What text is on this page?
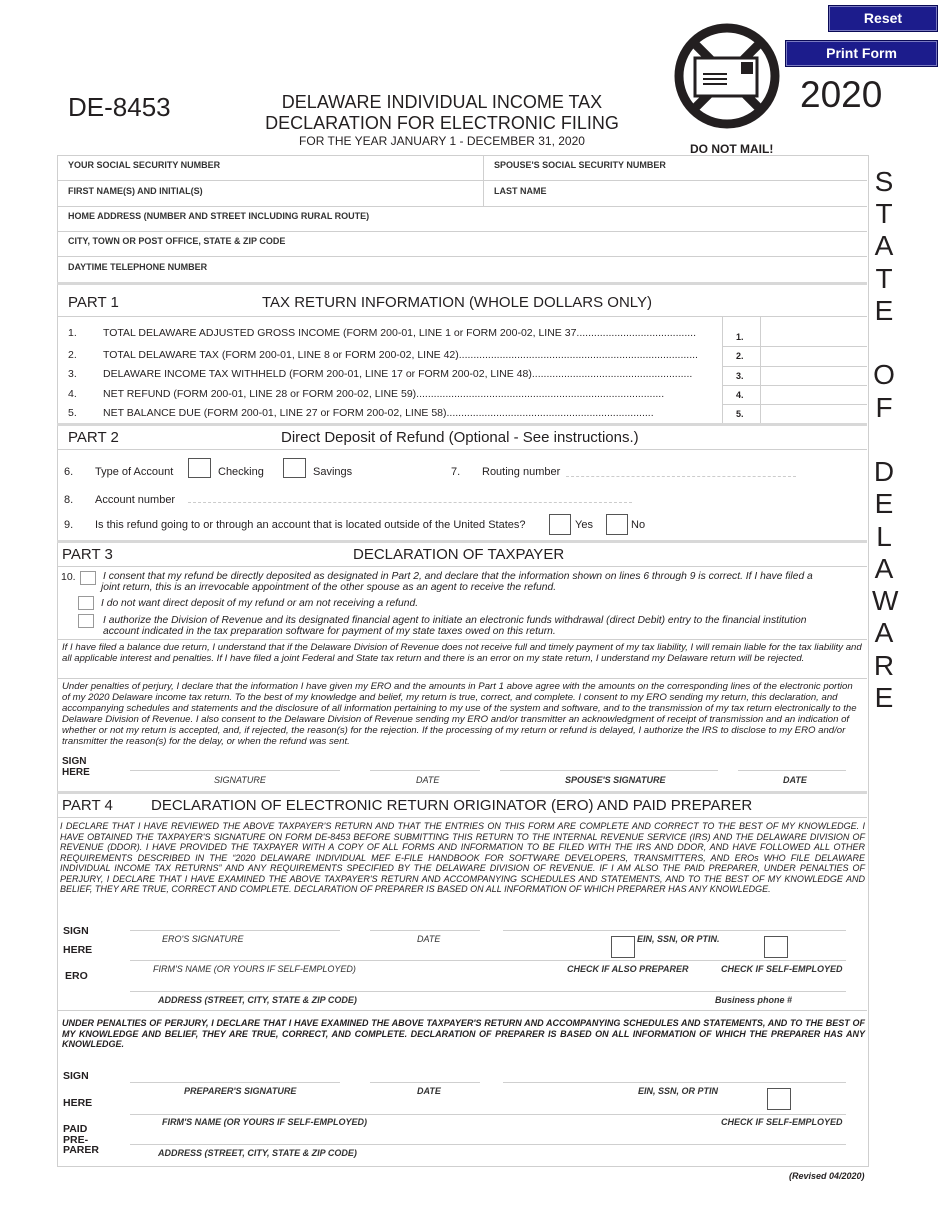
Reset
Print Form
DE-8453	DELAWARE INDIVIDUAL INCOME TAX
DECLARATION FOR ELECTRONIC FILING
FOR THE YEAR JANUARY 1 - DECEMBER 31, 2020
DO NOT MAIL!
2020
S
T
A
T
E
O
F
D
E
L
A
W
A
R
E
YOUR SOCIAL SECURITY NUMBER	SPOUSE'S SOCIAL SECURITY NUMBER
FIRST NAME(S) AND INITIAL(S)	LAST NAME
HOME ADDRESS (NUMBER AND STREET INCLUDING RURAL ROUTE)
CITY, TOWN OR POST OFFICE, STATE & ZIP CODE
DAYTIME TELEPHONE NUMBER
PART 1	TAX RETURN INFORMATION (WHOLE DOLLARS ONLY)
1. TOTAL DELAWARE ADJUSTED GROSS INCOME (FORM 200-01, LINE 1 or FORM 200-02, LINE 37.........................................	1.
2. TOTAL DELAWARE TAX (FORM 200-01, LINE 8 or FORM 200-02, LINE 42)..................................................................................	2.
3. DELAWARE INCOME TAX WITHHELD (FORM 200-01, LINE 17 or FORM 200-02, LINE 48).......................................................	3.
4. NET REFUND (FORM 200-01, LINE 28 or FORM 200-02, LINE 59).....................................................................................	4.
5. NET BALANCE DUE (FORM 200-01, LINE 27 or FORM 200-02, LINE 58).......................................................................	5.
PART 2	Direct Deposit of Refund (Optional - See instructions.)
6. Type of Account	Checking	Savings	7. Routing number
8. Account number
9. Is this refund going to or through an account that is located outside of the United States?	Yes	No
PART 3	DECLARATION OF TAXPAYER
10.	I consent that my refund be directly deposited as designated in Part 2, and declare that the information shown on lines 6 through 9 is correct. If I have filed a
joint return, this is an irrevocable appointment of the other spouse as an agent to receive the refund.
I do not want direct deposit of my refund or am not receiving a refund.
I authorize the Division of Revenue and its designated financial agent to initiate an electronic funds withdrawal (direct Debit) entry to the financial institution
account indicated in the tax preparation software for payment of my state taxes owed on this return.
If I have filed a balance due return, I understand that if the Delaware Division of Revenue does not receive full and timely payment of my tax liability, I will remain liable for the tax liability and all applicable interest and penalties. If I have filed a joint Federal and State tax return and there is an error on my state return, I understand my Delaware return will be rejected.
Under penalties of perjury, I declare that the information I have given my ERO and the amounts in Part 1 above agree with the amounts on the corresponding lines of the electronic portion of my 2020 Delaware income tax return. To the best of my knowledge and belief, my return is true, correct, and complete. I consent to my ERO sending my return, this declaration, and accompanying schedules and statements and the disclosure of all information pertaining to my use of the system and software, and to the transmission of my tax return electronically to the Delaware Division of Revenue. I also consent to the Delaware Division of Revenue sending my ERO and/or transmitter an acknowledgment of receipt of transmission and an indication of whether or not my return is accepted, and, if rejected, the reason(s) for the rejection. If the processing of my return or refund is delayed, I authorize the IRS to disclose to my ERO and/or transmitter the reason(s) for the delay, or when the refund was sent.
SIGN
HERE
SIGNATURE	DATE	SPOUSE'S SIGNATURE	DATE
PART 4	DECLARATION OF ELECTRONIC RETURN ORIGINATOR (ERO) AND PAID PREPARER
I DECLARE THAT I HAVE REVIEWED THE ABOVE TAXPAYER'S RETURN AND THAT THE ENTRIES ON THIS FORM ARE COMPLETE AND CORRECT TO THE BEST OF MY KNOWLEDGE. I HAVE OBTAINED THE TAXPAYER'S SIGNATURE ON FORM DE-8453 BEFORE SUBMITTING THIS RETURN TO THE INTERNAL REVENUE SERVICE (IRS) AND THE DELAWARE DIVISION OF REVENUE (DDOR). I HAVE PROVIDED THE TAXPAYER WITH A COPY OF ALL FORMS AND INFORMATION TO BE FILED WITH THE IRS AND DDOR, AND HAVE FOLLOWED ALL OTHER REQUIREMENTS DESCRIBED IN THE “2020 DELAWARE INDIVIDUAL MEF E-FILE HANDBOOK FOR SOFTWARE DEVELOPERS, TRANSMITTERS, AND EROs WHO FILE DELAWARE INDIVIDUAL INCOME TAX RETURNS” AND ANY REQUIREMENTS SPECIFIED BY THE DELAWARE DIVISION OF REVENUE. IF I AM ALSO THE PAID PREPARER, UNDER PENALTIES OF PERJURY, I DECLARE THAT I HAVE EXAMINED THE ABOVE TAXPAYER'S RETURN AND ACCOMPANYING SCHEDULES AND STATEMENTS, AND TO THE BEST OF MY KNOWLEDGE AND BELIEF, THEY ARE TRUE, CORRECT AND COMPLETE. DECLARATION OF PREPARER IS BASED ON ALL INFORMATION OF WHICH PREPARER HAS ANY KNOWLEDGE.
SIGN
HERE
ERO
ERO'S SIGNATURE	DATE	EIN, SSN, OR PTIN.
FIRM'S NAME (OR YOURS IF SELF-EMPLOYED)	CHECK IF ALSO PREPARER	CHECK IF SELF-EMPLOYED
ADDRESS (STREET, CITY, STATE & ZIP CODE)	Business phone #
UNDER PENALTIES OF PERJURY, I DECLARE THAT I HAVE EXAMINED THE ABOVE TAXPAYER'S RETURN AND ACCOMPANYING SCHEDULES AND STATEMENTS, AND TO THE BEST OF MY KNOWLEDGE AND BELIEF, THEY ARE TRUE, CORRECT, AND COMPLETE. DECLARATION OF PREPARER IS BASED ON ALL INFORMATION OF WHICH THE PREPARER HAS ANY KNOWLEDGE.
SIGN
HERE
PAID
PRE-
PARER
PREPARER'S SIGNATURE	DATE	EIN, SSN, OR PTIN
FIRM'S NAME (OR YOURS IF SELF-EMPLOYED)	CHECK IF SELF-EMPLOYED
ADDRESS (STREET, CITY, STATE & ZIP CODE)
(Revised 04/2020)
